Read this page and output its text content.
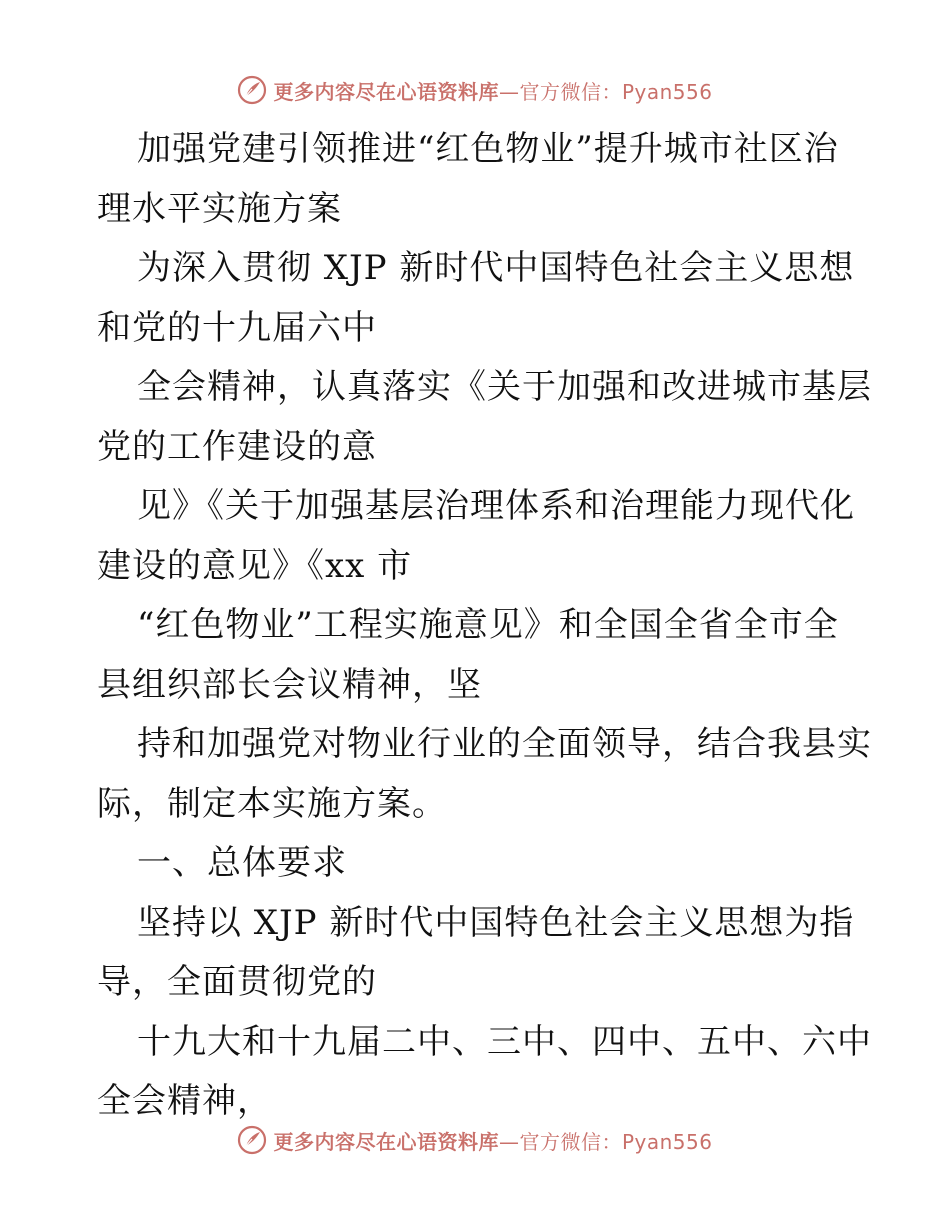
更多内容尽在心语资料库—官方微信：Pyan556
加强党建引领推进“红色物业”提升城市社区治
理水平实施方案
为深入贯彻 XJP 新时代中国特色社会主义思想
和党的十九届六中
全会精神，认真落实《关于加强和改进城市基层
党的工作建设的意
见》《关于加强基层治理体系和治理能力现代化
建设的意见》《xx 市
“红色物业”工程实施意见》和全国全省全市全
县组织部长会议精神，坚
持和加强党对物业行业的全面领导，结合我县实
际，制定本实施方案。
一、总体要求
坚持以 XJP 新时代中国特色社会主义思想为指
导，全面贯彻党的
十九大和十九届二中、三中、四中、五中、六中
全会精神，
更多内容尽在心语资料库—官方微信：Pyan556
